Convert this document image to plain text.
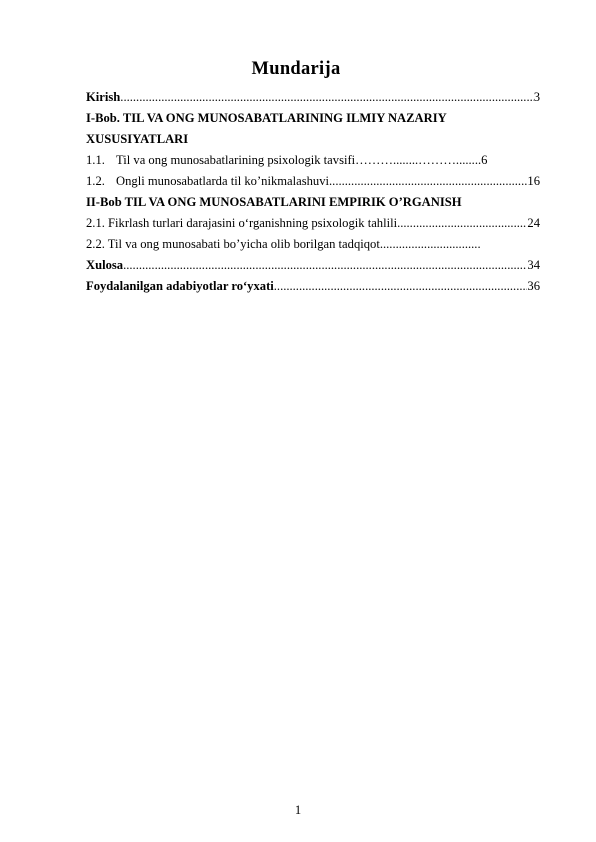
Mundarija
Kirish .....	3
I-Bob. TIL VA ONG MUNOSABATLARINING ILMIY NAZARIY
XUSUSIYATLARI
1.1. Til va ong munosabatlarining psixologik tavsifi………........………........ 6
1.2. Ongli munosabatlarda til ko’nikmalashuvi .....	16
II-Bob TIL VA ONG MUNOSABATLARINI EMPIRIK O’RGANISH
2.1. Fikrlash turlari darajasini o‘rganishning psixologik tahlili .....	24
2.2. Til va ong munosabati bo’yicha olib borilgan tadqiqot................................
Xulosa .....	34
Foydalanilgan adabiyotlar ro‘yxati .....	36
1
